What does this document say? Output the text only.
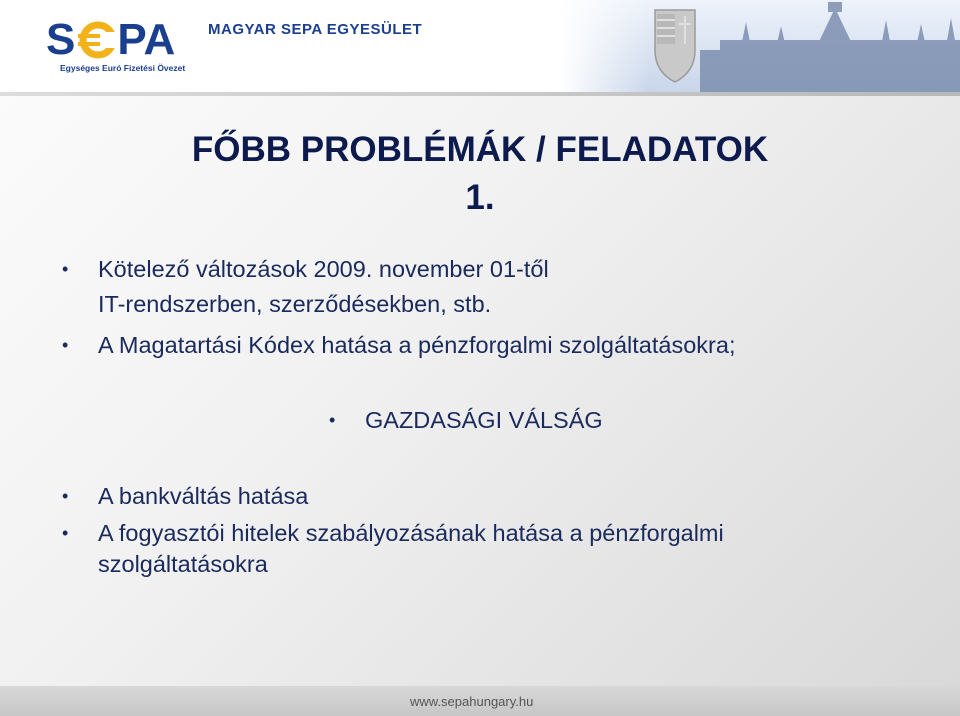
S PA
Egységes Euró Fizetési Övezet
MAGYAR SEPA EGYESÜLET
FŐBB PROBLÉMÁK / FELADATOK
1.
• Kötelező változások 2009. november 01-től
IT-rendszerben, szerződésekben, stb.
• A Magatartási Kódex hatása a pénzforgalmi szolgáltatásokra;
• GAZDASÁGI VÁLSÁG
• A bankváltás hatása
• A fogyasztói hitelek szabályozásának hatása a pénzforgalmi
szolgáltatásokra
www.sepahungary.hu
